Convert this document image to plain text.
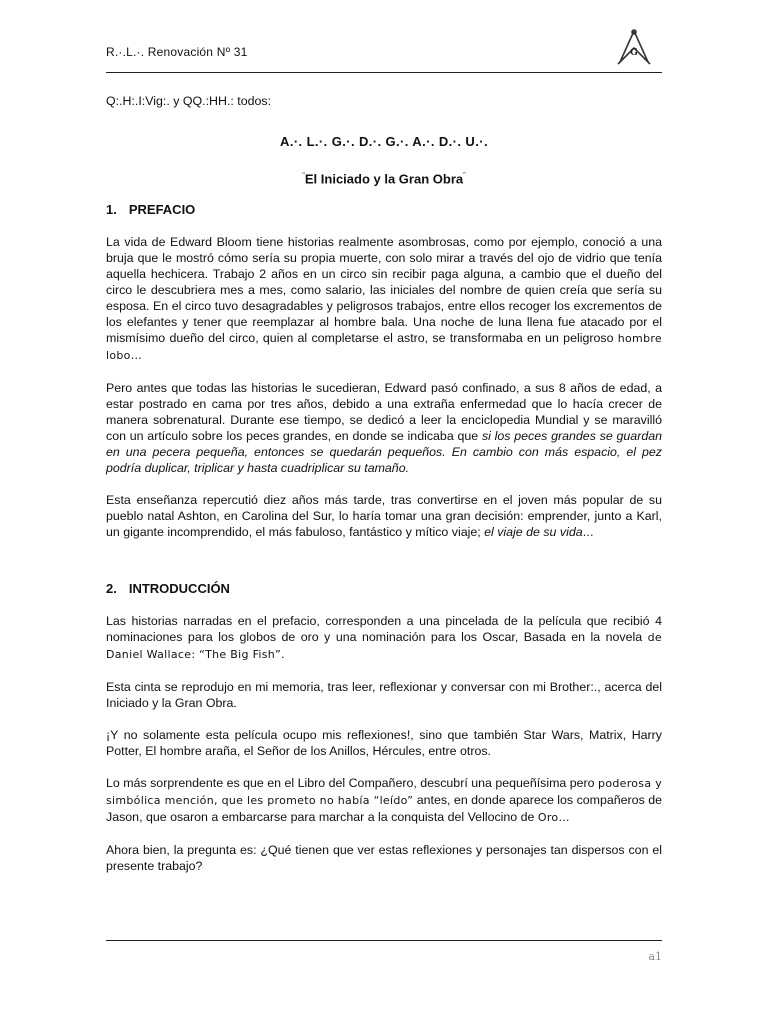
R.·.L.·. Renovación Nº 31	G

Q:.H:.I:Vig:. y QQ.:HH.: todos:

A.·. L.·. G.·. D.·. G.·. A.·. D.·. U.·.
“El Iniciado y la Gran Obra”
1. PREFACIO

La vida de Edward Bloom tiene historias realmente asombrosas, como por ejemplo, conoció a una bruja que le mostró cómo sería su propia muerte, con solo mirar a través del ojo de vidrio que tenía aquella hechicera. Trabajo 2 años en un circo sin recibir paga alguna, a cambio que el dueño del circo le descubriera mes a mes, como salario, las iniciales del nombre de quien creía que sería su esposa. En el circo tuvo desagradables y peligrosos trabajos, entre ellos recoger los excrementos de los elefantes y tener que reemplazar al hombre bala. Una noche de luna llena fue atacado por el mismísimo dueño del circo, quien al completarse el astro, se transformaba en un peligroso hombre lobo…

Pero antes que todas las historias le sucedieran, Edward pasó confinado, a sus 8 años de edad, a estar postrado en cama por tres años, debido a una extraña enfermedad que lo hacía crecer de manera sobrenatural. Durante ese tiempo, se dedicó a leer la enciclopedia Mundial y se maravilló con un artículo sobre los peces grandes, en donde se indicaba que si los peces grandes se guardan en una pecera pequeña, entonces se quedarán pequeños. En cambio con más espacio, el pez podría duplicar, triplicar y hasta cuadriplicar su tamaño.

Esta enseñanza repercutió diez años más tarde, tras convertirse en el joven más popular de su pueblo natal Ashton, en Carolina del Sur, lo haría tomar una gran decisión: emprender, junto a Karl, un gigante incomprendido, el más fabuloso, fantástico y mítico viaje; el viaje de su vida…

2. INTRODUCCIÓN

Las historias narradas en el prefacio, corresponden a una pincelada de la película que recibió 4 nominaciones para los globos de oro y una nominación para los Oscar, Basada en la novela de Daniel Wallace: “The Big Fish”.

Esta cinta se reprodujo en mi memoria, tras leer, reflexionar y conversar con mi Brother:., acerca del Iniciado y la Gran Obra.

¡Y no solamente esta película ocupo mis reflexiones!, sino que también Star Wars, Matrix, Harry Potter, El hombre araña, el Señor de los Anillos, Hércules, entre otros.

Lo más sorprendente es que en el Libro del Compañero, descubrí una pequeñísima pero poderosa y simbólica mención, que les prometo no había “leído” antes, en donde aparece los compañeros de Jason, que osaron a embarcarse para marchar a la conquista del Vellocino de Oro…

Ahora bien, la pregunta es: ¿Qué tienen que ver estas reflexiones y personajes tan dispersos con el presente trabajo?

a1
